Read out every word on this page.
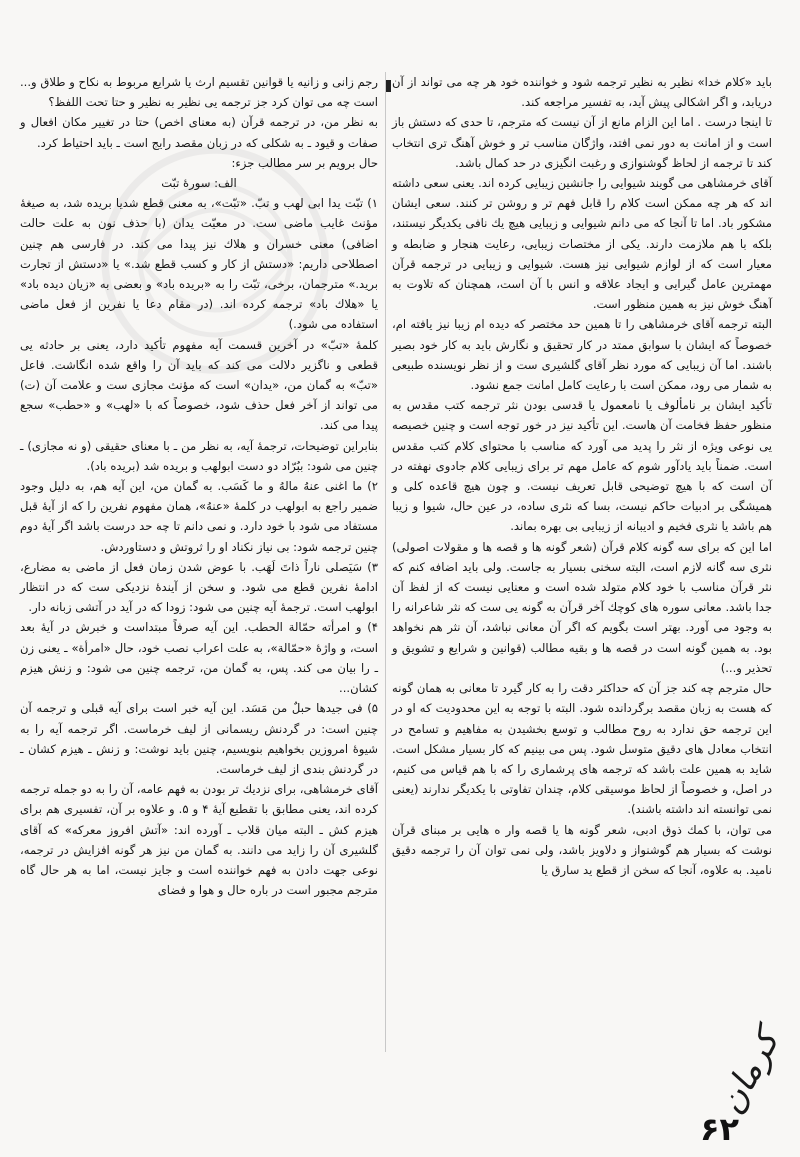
باید «کلام خدا» نظیر به نظیر ترجمه شود و خواننده خود هر چه می تواند از آن دریابد، و اگر اشکالی پیش آید، به تفسیر مراجعه کند.

تا اینجا درست . اما این الزام مانع از آن نیست که مترجم، تا حدی که دستش باز است و از امانت به دور نمی افتد، واژگان مناسب تر و خوش آهنگ تری انتخاب کند تا ترجمه از لحاظ گوشنوازی و رغبت انگیزی در حد کمال باشد.

آقای خرمشاهی می گویند شیوایی را جانشین زیبایی کرده اند. یعنی سعی داشته اند که هر چه ممکن است کلام را قابل فهم تر و روشن تر کنند. سعی ایشان مشکور باد. اما تا آنجا که می دانم شیوایی و زیبایی هیچ یك نافی یکدیگر نیستند، بلکه با هم ملازمت دارند. یکی از مختصات زیبایی، رعایت هنجار و ضابطه و معیار است که از لوازم شیوایی نیز هست. شیوایی و زیبایی در ترجمه قرآن مهمترین عامل گیرایی و ایجاد علاقه و انس با آن است، همچنان که تلاوت به آهنگ خوش نیز به همین منظور است.

البته ترجمه آقای خرمشاهی را تا همین حد مختصر که دیده ام زیبا نیز یافته ام، خصوصاً که ایشان با سوابق ممتد در کار تحقیق و نگارش باید به کار خود بصیر باشند. اما آن زیبایی که مورد نظر آقای گلشیری ست و از نظر نویسنده طبیعی به شمار می رود، ممکن است با رعایت کامل امانت جمع نشود.

تأکید ایشان بر نامألوف یا نامعمول یا قدسی بودن نثر ترجمه کتب مقدس به منظور حفظ فخامت آن هاست. این تأکید نیز در خور توجه است و چنین خصیصه یی نوعی ویژه از نثر را پدید می آورد که مناسب با محتوای کلام کتب مقدس است. ضمناً باید یادآور شوم که عامل مهم تر برای زیبایی کلام جادوی نهفته در آن است که با هیچ توضیحی قابل تعریف نیست. و چون هیچ قاعده کلی و همیشگی بر ادبیات حاکم نیست، بسا که نثری ساده، در عین حال، شیوا و زیبا هم باشد یا نثری فخیم و ادیبانه از زیبایی بی بهره بماند.

اما این که برای سه گونه کلام قرآن (شعر گونه ها و قصه ها و مقولات اصولی) نثری سه گانه لازم است، البته سخنی بسیار به جاست. ولی باید اضافه کنم که نثر قرآن مناسب با خود کلام متولد شده است و معنایی نیست که از لفظ آن جدا باشد. معانی سوره های کوچك آخر قرآن به گونه یی ست که نثر شاعرانه را به وجود می آورد. بهتر است بگویم که اگر آن معانی نباشد، آن نثر هم نخواهد بود. به همین گونه است در قصه ها و بقیه مطالب (قوانین و شرایع و تشویق و تحذیر و...)

حال مترجم چه کند جز آن که حداکثر دقت را به کار گیرد تا معانی به همان گونه که هست به زبان مقصد برگردانده شود. البته با توجه به این محدودیت که او در این ترجمه حق ندارد به روح مطالب و توسع بخشیدن به مفاهیم و تسامح در انتخاب معادل های دقیق متوسل شود. پس می بینیم که کار بسیار مشکل است. شاید به همین علت باشد که ترجمه های پرشماری را که با هم قیاس می کنیم، در اصل، و خصوصاً از لحاظ موسیقی کلام، چندان تفاوتی با یکدیگر ندارند (یعنی نمی توانسته اند داشته باشند).

می توان، با کمك ذوق ادبی، شعر گونه ها یا قصه وار ه هایی بر مبنای قرآن نوشت که بسیار هم گوشنواز و دلاویز باشد، ولی نمی توان آن را ترجمه دقیق نامید. به علاوه، آنجا که سخن از قطع ید سارق یا

رجم زانی و زانیه یا قوانین تقسیم ارث یا شرایع مربوط به نکاح و طلاق و... است چه می توان کرد جز ترجمه یی نظیر به نظیر و حتا تحت اللفظ؟

به نظر من، در ترجمه قرآن (به معنای اخص) حتا در تغییر مکان افعال و صفات و قیود ـ به شکلی که در زبان مقصد رایج است ـ باید احتیاط کرد.

حال برویم بر سر مطالب جزء:

الف: سورهٔ تبّت

۱) تبّت یدا ابی لهب و تبّ. «تبّت»، به معنی قطع شدیا بریده شد، به صیغهٔ مؤنث غایب ماضی ست. در معیّت یدان (با حذف نون به علت حالت اضافی) معنی خسران و هلاك نیز پیدا می کند. در فارسی هم چنین اصطلاحی داریم: «دستش از کار و کسب قطع شد.» یا «دستش از تجارت برید.» مترجمان، برخی، تبّت را به «بریده باد» و بعضی به «زیان دیده باد» یا «هلاك باد» ترجمه کرده اند. (در مقام دعا یا نفرین از فعل ماضی استفاده می شود.)

کلمهٔ «تبّ» در آخرین قسمت آیه مفهوم تأکید دارد، یعنی بر حادثه یی قطعی و ناگزیر دلالت می کند که باید آن را واقع شده انگاشت. فاعل «تبّ» به گمان من، «یدان» است که مؤنث مجازی ست و علامت آن (ت) می تواند از آخر فعل حذف شود، خصوصاً که با «لهب» و «حطب» سجع پیدا می کند.

بنابراین توضیحات، ترجمهٔ آیه، به نظر من ـ با معنای حقیقی (و نه مجازی) ـ چنین می شود: ببُرّاد دو دست ابولهب و بریده شد (بریده باد).

۲) ما اغنی عنهُ مالهُ و ما کَسَب. به گمان من، این آیه هم، به دلیل وجود ضمیر راجع به ابولهب در کلمهٔ «عنهُ»، همان مفهوم نفرین را که از آیهٔ قبل مستفاد می شود با خود دارد. و نمی دانم تا چه حد درست باشد اگر آیهٔ دوم چنین ترجمه شود: بی نیاز نکناد او را ثروتش و دستاوردش.

۳) سَیَصلی ناراً ذاتَ لَهَب. با عوض شدن زمان فعل از ماضی به مضارع، ادامهٔ نفرین قطع می شود. و سخن از آیندهٔ نزدیکی ست که در انتظار ابولهب است. ترجمهٔ آیه چنین می شود: زودا که در آید در آتشی زبانه دار.

۴) و امرأته حمّالة الحطب. این آیه صرفاً مبتداست و خبرش در آیهٔ بعد است، و واژهٔ «حمّالة»، به علت اعراب نصب خود، حال «امرأة» ـ یعنی زن ـ را بیان می کند. پس، به گمان من، ترجمه چنین می شود: و زنش هیزم کشان...

۵) فی جیدها حبلٌ من مَسَد. این آیه خبر است برای آیه قبلی و ترجمه آن چنین است: در گردنش ریسمانی از لیف خرماست. اگر ترجمه آیه را به شیوهٔ امروزین بخواهیم بنویسیم، چنین باید نوشت: و زنش ـ هیزم کشان ـ در گردنش بندی از لیف خرماست.

آقای خرمشاهی، برای نزدیك تر بودن به فهم عامه، آن را به دو جمله ترجمه کرده اند، یعنی مطابق با تقطیع آیهٔ ۴ و ۵. و علاوه بر آن، تفسیری هم برای هیزم کش ـ البته میان قلاب ـ آورده اند: «آتش افروز معرکه» که آقای گلشیری آن را زاید می دانند. به گمان من نیز هر گونه افزایش در ترجمه، نوعی جهت دادن به فهم خواننده است و جایز نیست، اما به هر حال گاه مترجم مجبور است در باره حال و هوا و فضای

کرمان
۶۲
